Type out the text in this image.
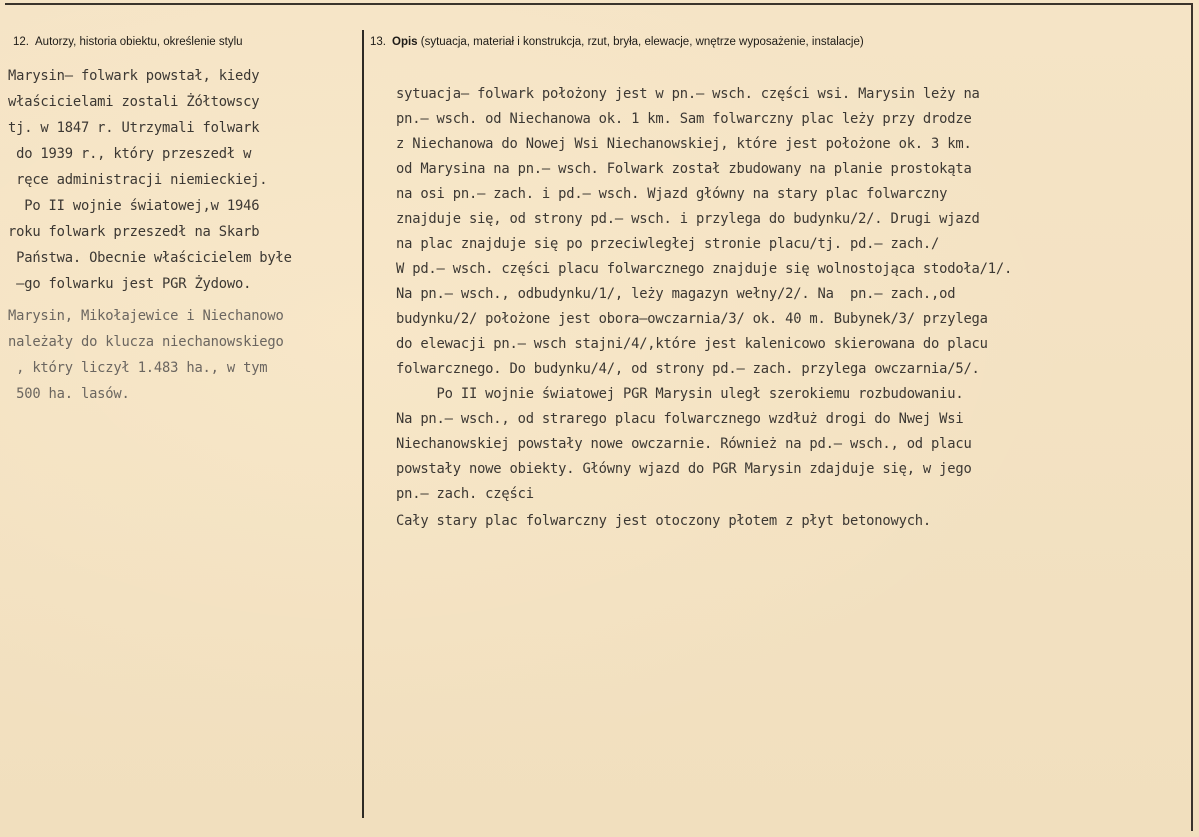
12. Autorzy, historia obiektu, określenie stylu	13. Opis (sytuacja, materiał i konstrukcja, rzut, bryła, elewacje, wnętrze wyposażenie, instalacje)
Marysin– folwark powstał, kiedy
właścicielami zostali Żółtowscy
tj. w 1847 r. Utrzymali folwark
do 1939 r., który przeszedł w
ręce administracji niemieckiej.
Po II wojnie światowej,w 1946
roku folwark przeszedł na Skarb
Państwa. Obecnie właścicielem byłe
–go folwarku jest PGR Żydowo.
Marysin, Mikołajewice i Niechanowo
należały do klucza niechanowskiego
, który liczył 1.483 ha., w tym
500 ha. lasów.
sytuacja– folwark położony jest w pn.– wsch. części wsi. Marysin leży na
pn.– wsch. od Niechanowa ok. 1 km. Sam folwarczny plac leży przy drodze
z Niechanowa do Nowej Wsi Niechanowskiej, które jest położone ok. 3 km.
od Marysina na pn.– wsch. Folwark został zbudowany na planie prostokąta
na osi pn.– zach. i pd.– wsch. Wjazd główny na stary plac folwarczny
znajduje się, od strony pd.– wsch. i przylega do budynku/2/. Drugi wjazd
na plac znajduje się po przeciwległej stronie placu/tj. pd.– zach./
W pd.– wsch. części placu folwarcznego znajduje się wolnostojąca stodoła/1/.
Na pn.– wsch., odbudynku/1/, leży magazyn wełny/2/. Na  pn.– zach.,od
budynku/2/ położone jest obora–owczarnia/3/ ok. 40 m. Bubynek/3/ przylega
do elewacji pn.– wsch stajni/4/,które jest kalenicowo skierowana do placu
folwarcznego. Do budynku/4/, od strony pd.– zach. przylega owczarnia/5/.
Po II wojnie światowej PGR Marysin uległ szerokiemu rozbudowaniu.
Na pn.– wsch., od strarego placu folwarcznego wzdłuż drogi do Nwej Wsi
Niechanowskiej powstały nowe owczarnie. Również na pd.– wsch., od placu
powstały nowe obiekty. Główny wjazd do PGR Marysin zdajduje się, w jego
pn.– zach. części
Cały stary plac folwarczny jest otoczony płotem z płyt betonowych.
